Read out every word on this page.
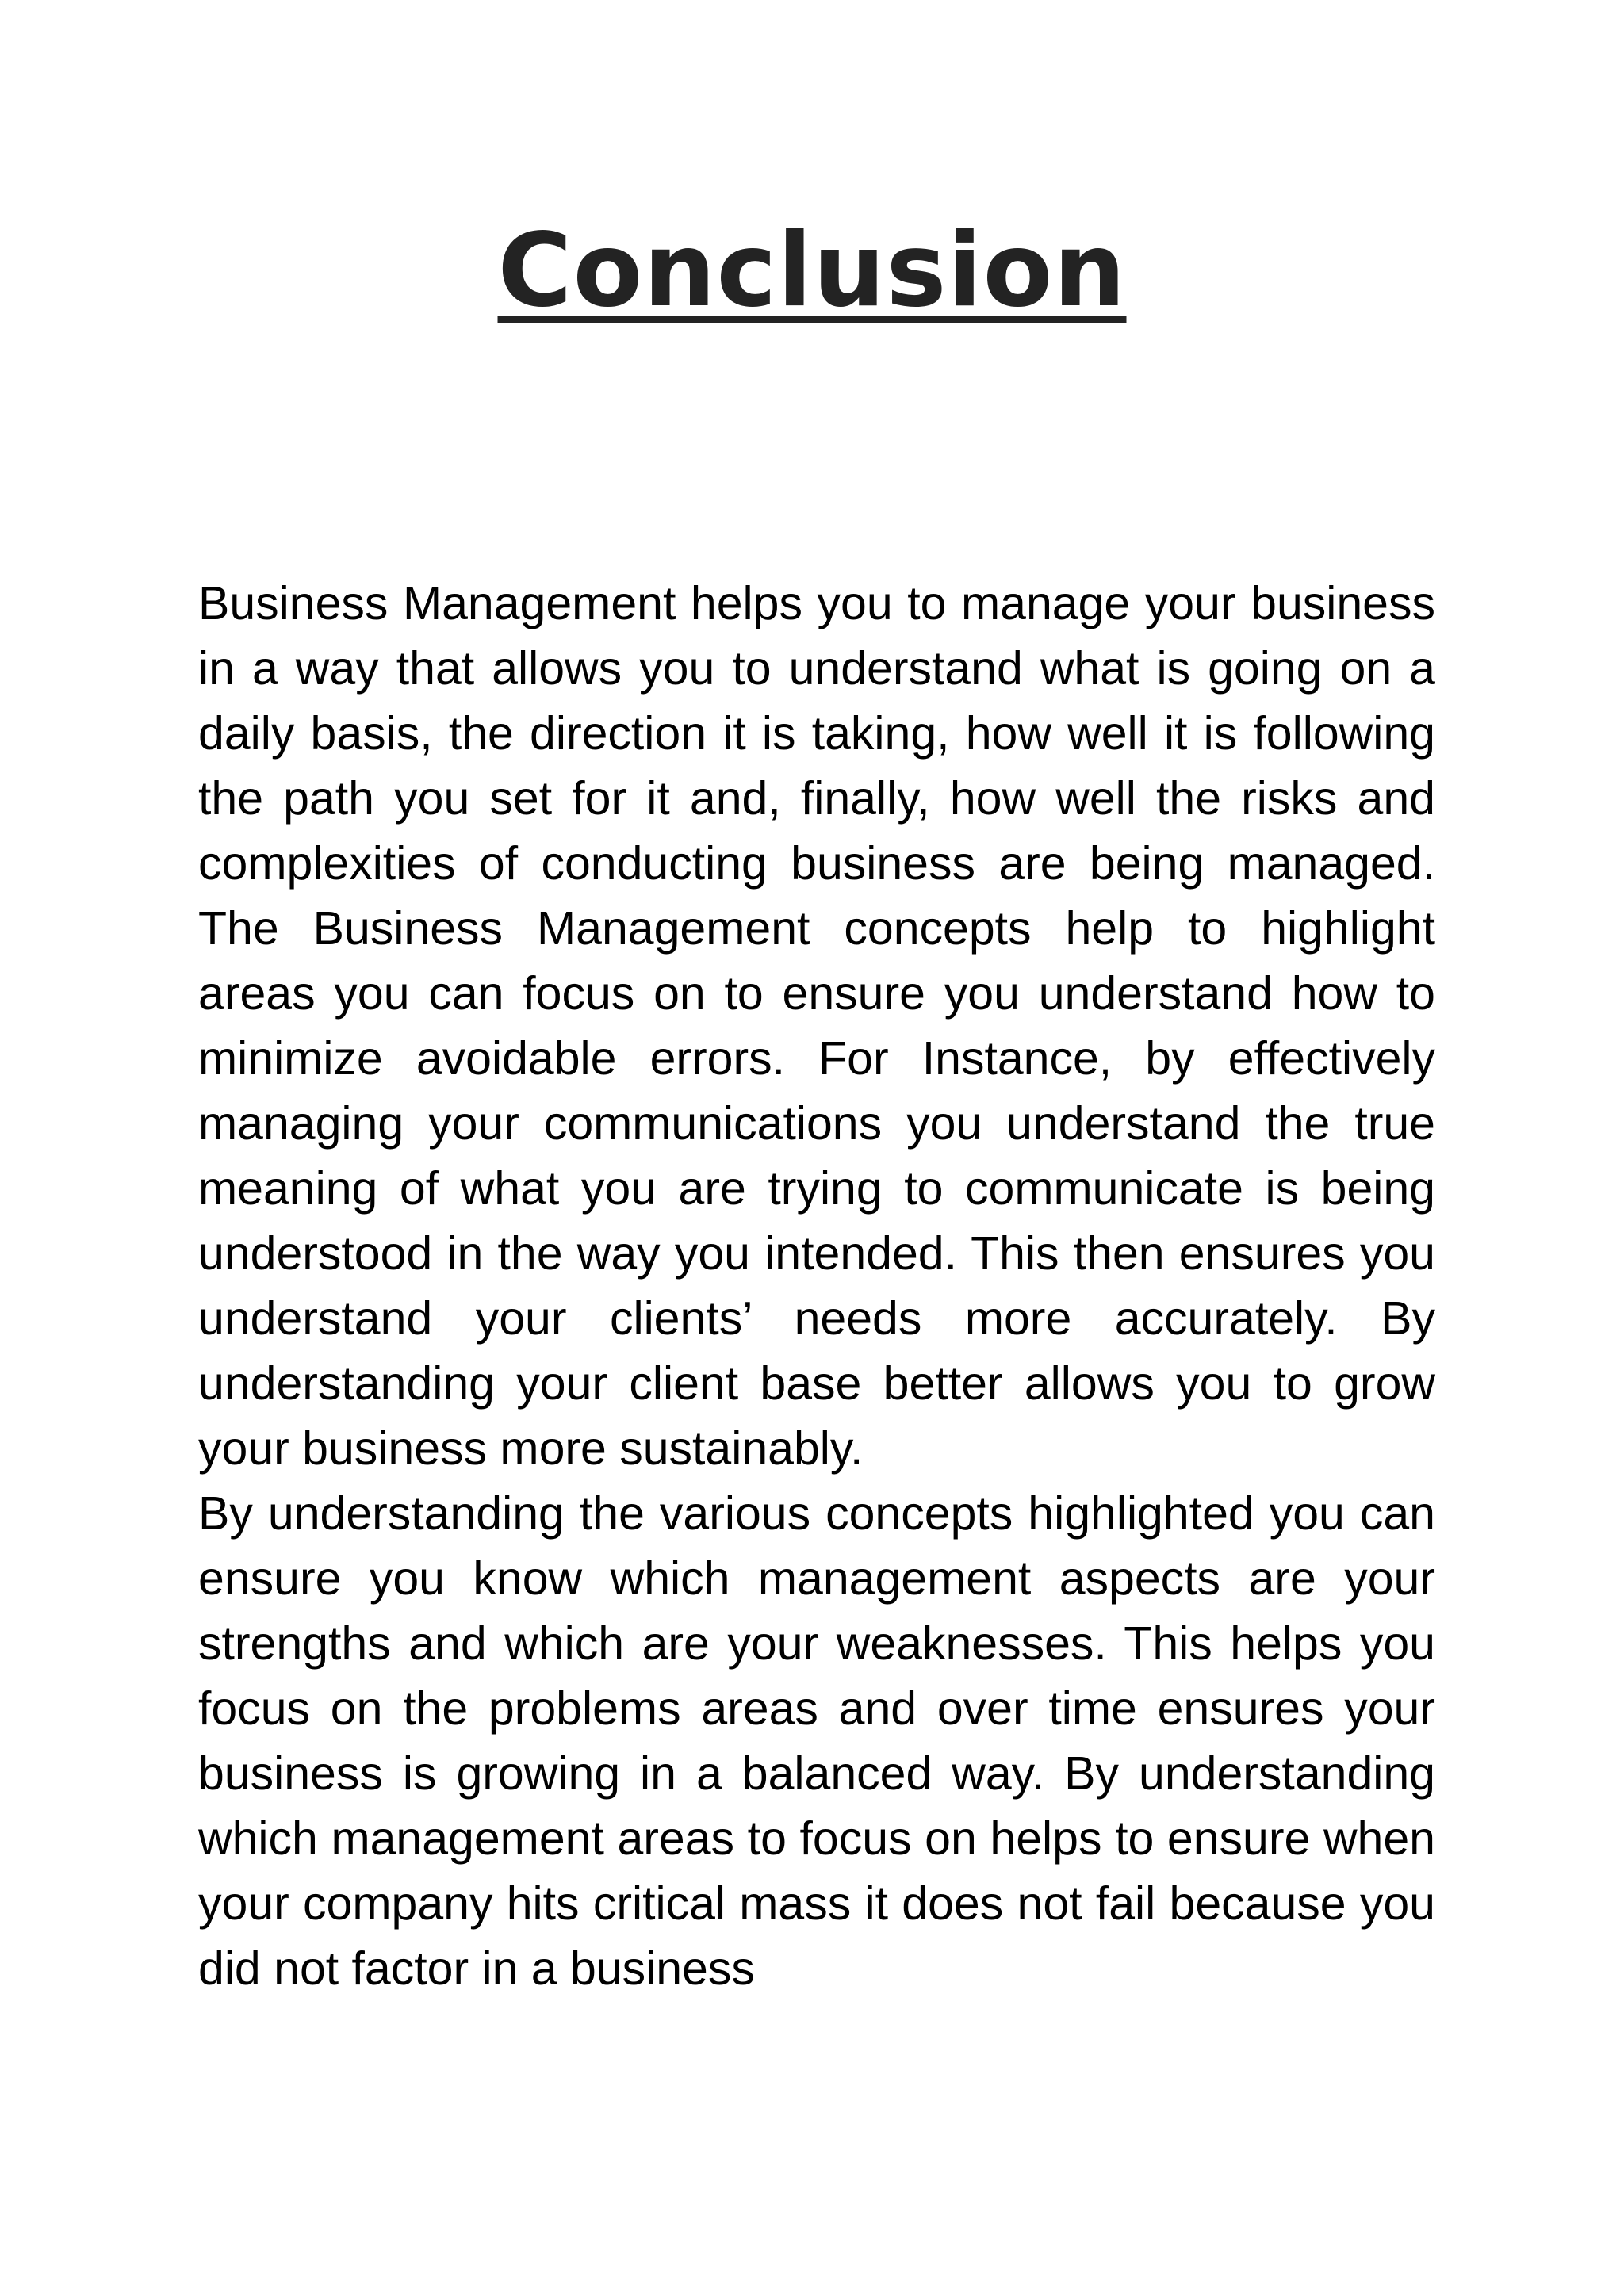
Conclusion

Business Management helps you to manage your business in a way that allows you to understand what is going on a daily basis, the direction it is taking, how well it is following the path you set for it and, finally, how well the risks and complexities of conducting business are being managed. The Business Management concepts help to highlight areas you can focus on to ensure you understand how to minimize avoidable errors. For Instance, by effectively managing your communications you understand the true meaning of what you are trying to communicate is being understood in the way you intended. This then ensures you understand your clients’ needs more accurately. By understanding your client base better allows you to grow your business more sustainably.

By understanding the various concepts highlighted you can ensure you know which management aspects are your strengths and which are your weaknesses. This helps you focus on the problems areas and over time ensures your business is growing in a balanced way. By understanding which management areas to focus on helps to ensure when your company hits critical mass it does not fail because you did not factor in a business
